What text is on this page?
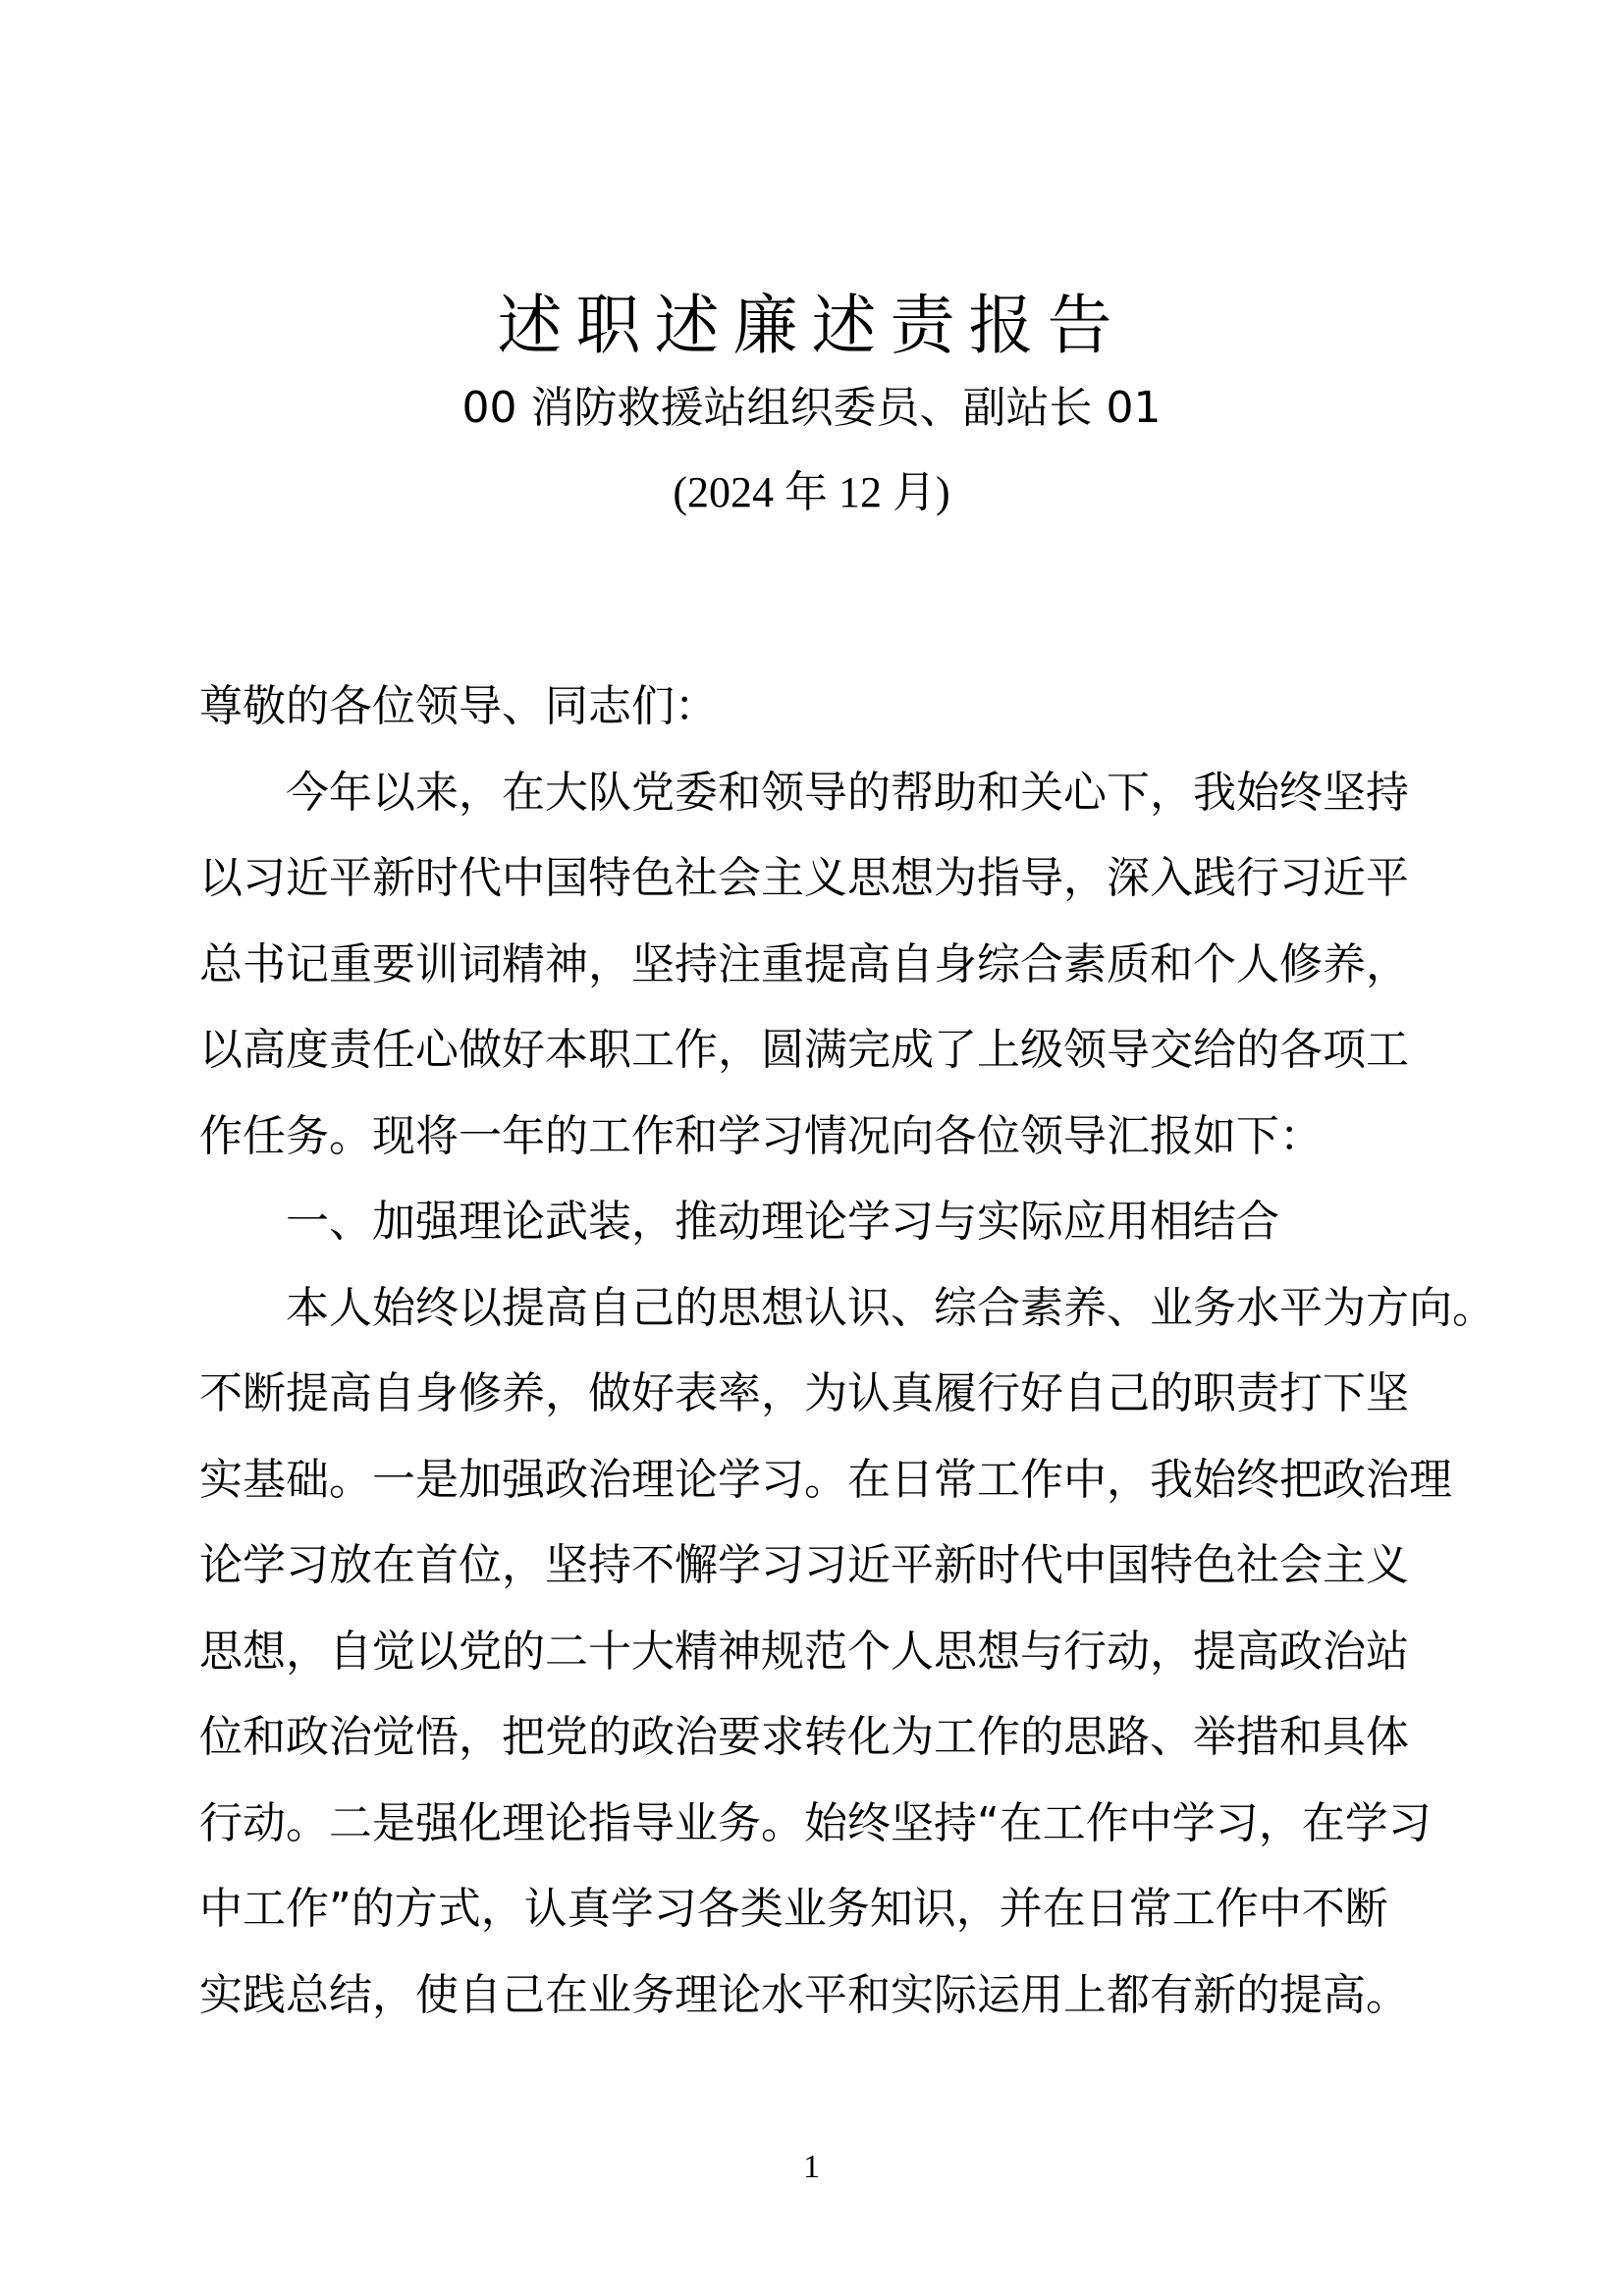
述职述廉述责报告
00 消防救援站组织委员、副站长 01
(2024 年 12 月)
尊敬的各位领导、同志们：
今年以来，在大队党委和领导的帮助和关心下，我始终坚持
以习近平新时代中国特色社会主义思想为指导，深入践行习近平
总书记重要训词精神，坚持注重提高自身综合素质和个人修养，
以高度责任心做好本职工作，圆满完成了上级领导交给的各项工
作任务。现将一年的工作和学习情况向各位领导汇报如下：
一、加强理论武装，推动理论学习与实际应用相结合
本人始终以提高自己的思想认识、综合素养、业务水平为方向。
不断提高自身修养，做好表率，为认真履行好自己的职责打下坚
实基础。一是加强政治理论学习。在日常工作中，我始终把政治理
论学习放在首位，坚持不懈学习习近平新时代中国特色社会主义
思想，自觉以党的二十大精神规范个人思想与行动，提高政治站
位和政治觉悟，把党的政治要求转化为工作的思路、举措和具体
行动。二是强化理论指导业务。始终坚持“在工作中学习，在学习
中工作”的方式，认真学习各类业务知识，并在日常工作中不断
实践总结，使自己在业务理论水平和实际运用上都有新的提高。
1
